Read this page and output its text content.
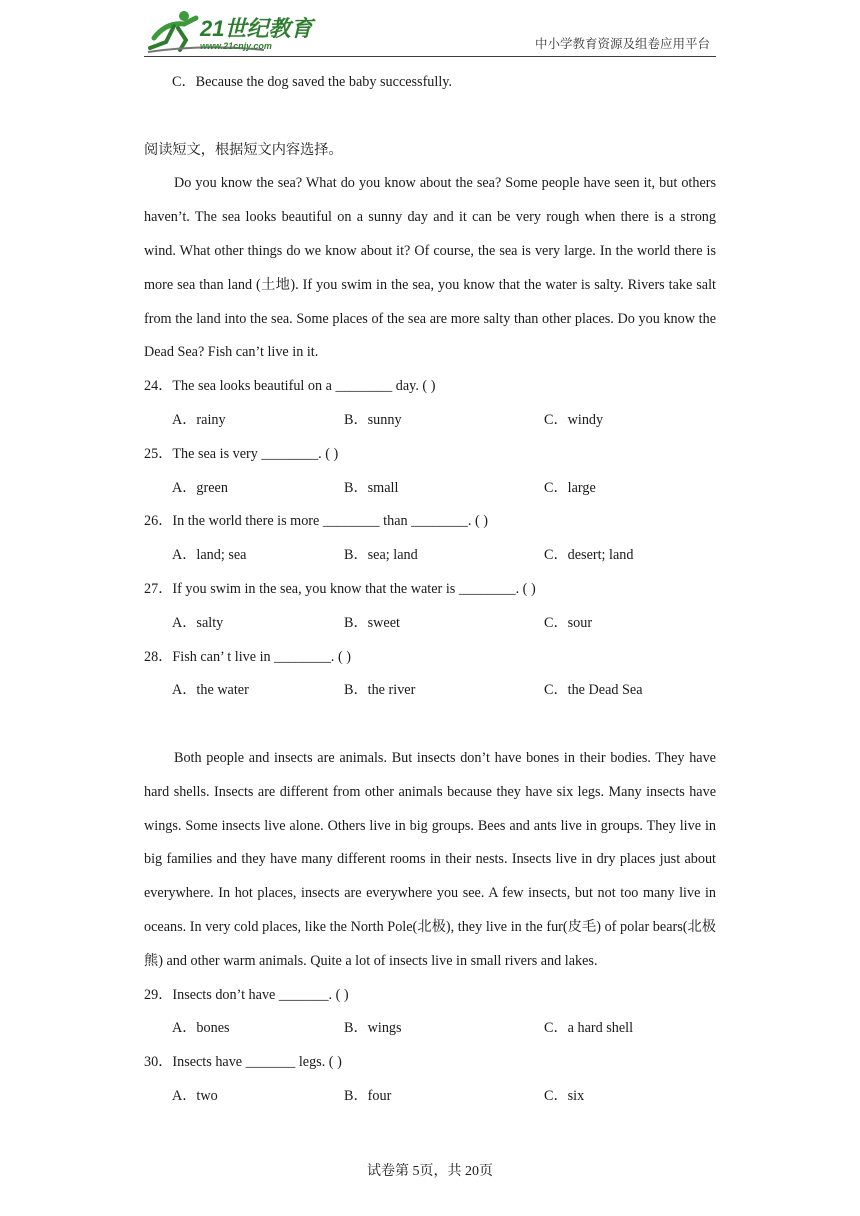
21世纪教育
www.21cnjy.com	中小学教育资源及组卷应用平台
C．Because the dog saved the baby successfully.
阅读短文，根据短文内容选择。

Do you know the sea? What do you know about the sea? Some people have seen it, but others haven’t. The sea looks beautiful on a sunny day and it can be very rough when there is a strong wind. What other things do we know about it? Of course, the sea is very large. In the world there is more sea than land (土地). If you swim in the sea, you know that the water is salty. Rivers take salt from the land into the sea. Some places of the sea are more salty than other places. Do you know the Dead Sea? Fish can’t live in it.

24．The sea looks beautiful on a ________ day. ( )
A．rainy	B．sunny	C．windy
25．The sea is very ________. ( )
A．green	B．small	C．large
26．In the world there is more ________ than ________. ( )
A．land; sea	B．sea; land	C．desert; land
27．If you swim in the sea, you know that the water is ________. ( )
A．salty	B．sweet	C．sour
28．Fish can’ t live in ________. ( )
A．the water	B．the river	C．the Dead Sea

Both people and insects are animals. But insects don’t have bones in their bodies. They have hard shells. Insects are different from other animals because they have six legs. Many insects have wings. Some insects live alone. Others live in big groups. Bees and ants live in groups. They live in big families and they have many different rooms in their nests. Insects live in dry places just about everywhere. In hot places, insects are everywhere you see. A few insects, but not too many live in oceans. In very cold places, like the North Pole(北极), they live in the fur(皮毛) of polar bears(北极熊) and other warm animals. Quite a lot of insects live in small rivers and lakes.

29．Insects don’t have _______. ( )
A．bones	B．wings	C．a hard shell
30．Insects have _______ legs. ( )
A．two	B．four	C．six
试卷第 5页，共 20页
